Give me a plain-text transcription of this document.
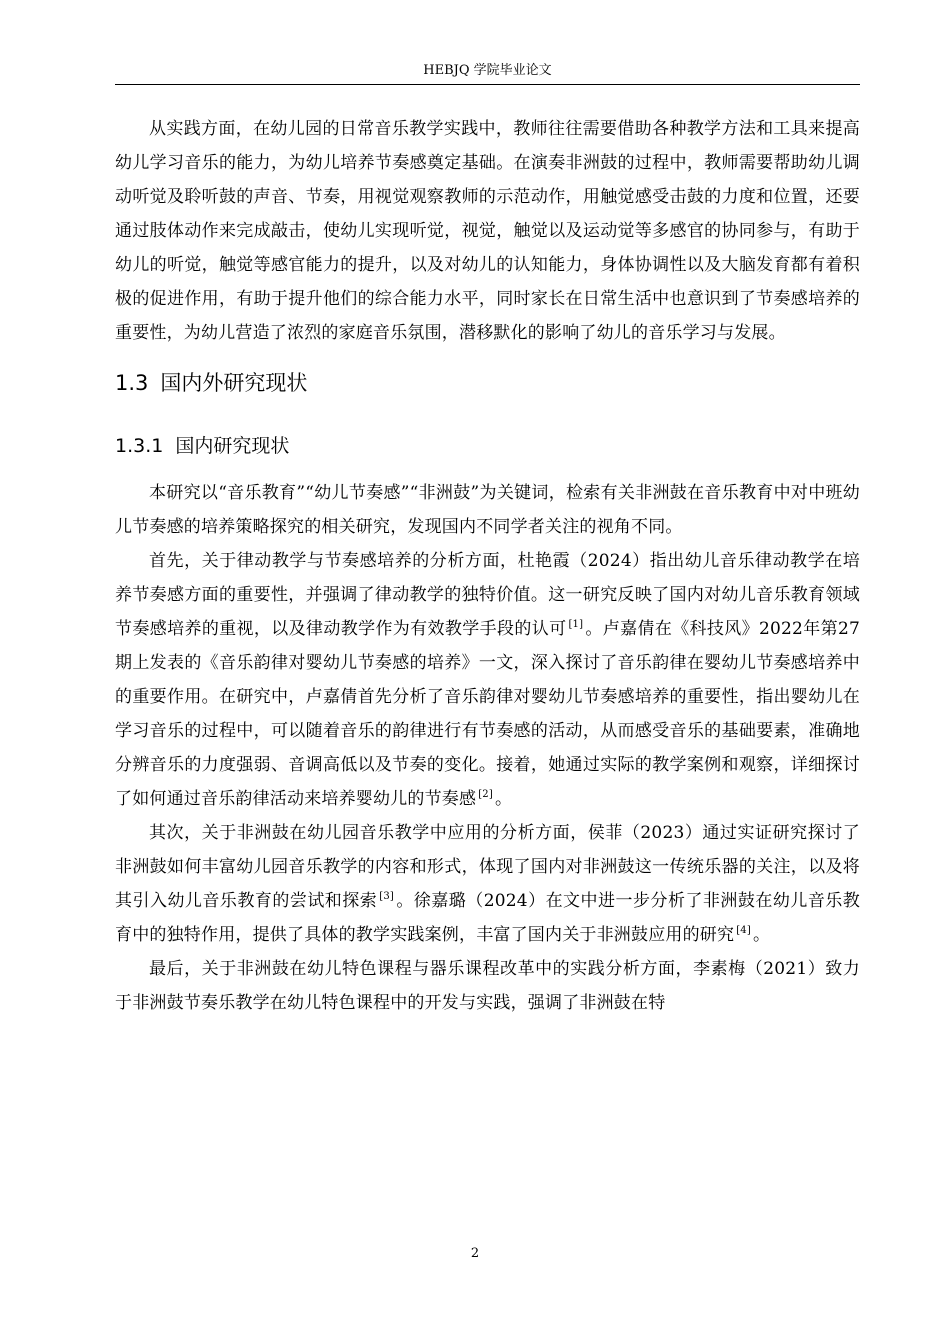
HEBJQ 学院毕业论文

从实践方面，在幼儿园的日常音乐教学实践中，教师往往需要借助各种教学方法和工具来提高幼儿学习音乐的能力，为幼儿培养节奏感奠定基础。在演奏非洲鼓的过程中，教师需要帮助幼儿调动听觉及聆听鼓的声音、节奏，用视觉观察教师的示范动作，用触觉感受击鼓的力度和位置，还要通过肢体动作来完成敲击，使幼儿实现听觉，视觉，触觉以及运动觉等多感官的协同参与，有助于幼儿的听觉，触觉等感官能力的提升，以及对幼儿的认知能力，身体协调性以及大脑发育都有着积极的促进作用，有助于提升他们的综合能力水平，同时家长在日常生活中也意识到了节奏感培养的重要性，为幼儿营造了浓烈的家庭音乐氛围，潜移默化的影响了幼儿的音乐学习与发展。

1.3 国内外研究现状
1.3.1 国内研究现状

本研究以“音乐教育”“幼儿节奏感”“非洲鼓”为关键词，检索有关非洲鼓在音乐教育中对中班幼儿节奏感的培养策略探究的相关研究，发现国内不同学者关注的视角不同。

首先，关于律动教学与节奏感培养的分析方面，杜艳霞（2024）指出幼儿音乐律动教学在培养节奏感方面的重要性，并强调了律动教学的独特价值。这一研究反映了国内对幼儿音乐教育领域节奏感培养的重视，以及律动教学作为有效教学手段的认可 [1] 。卢嘉倩在《科技风》2022年第27期上发表的《音乐韵律对婴幼儿节奏感的培养》一文，深入探讨了音乐韵律在婴幼儿节奏感培养中的重要作用。在研究中，卢嘉倩首先分析了音乐韵律对婴幼儿节奏感培养的重要性，指出婴幼儿在学习音乐的过程中，可以随着音乐的韵律进行有节奏感的活动，从而感受音乐的基础要素，准确地分辨音乐的力度强弱、音调高低以及节奏的变化。接着，她通过实际的教学案例和观察，详细探讨了如何通过音乐韵律活动来培养婴幼儿的节奏感 [2] 。

其次，关于非洲鼓在幼儿园音乐教学中应用的分析方面，侯菲（2023）通过实证研究探讨了非洲鼓如何丰富幼儿园音乐教学的内容和形式，体现了国内对非洲鼓这一传统乐器的关注，以及将其引入幼儿音乐教育的尝试和探索 [3] 。徐嘉璐（2024）在文中进一步分析了非洲鼓在幼儿音乐教育中的独特作用，提供了具体的教学实践案例，丰富了国内关于非洲鼓应用的研究 [4] 。

最后，关于非洲鼓在幼儿特色课程与器乐课程改革中的实践分析方面，李素梅（2021）致力于非洲鼓节奏乐教学在幼儿特色课程中的开发与实践，强调了非洲鼓在特

2
